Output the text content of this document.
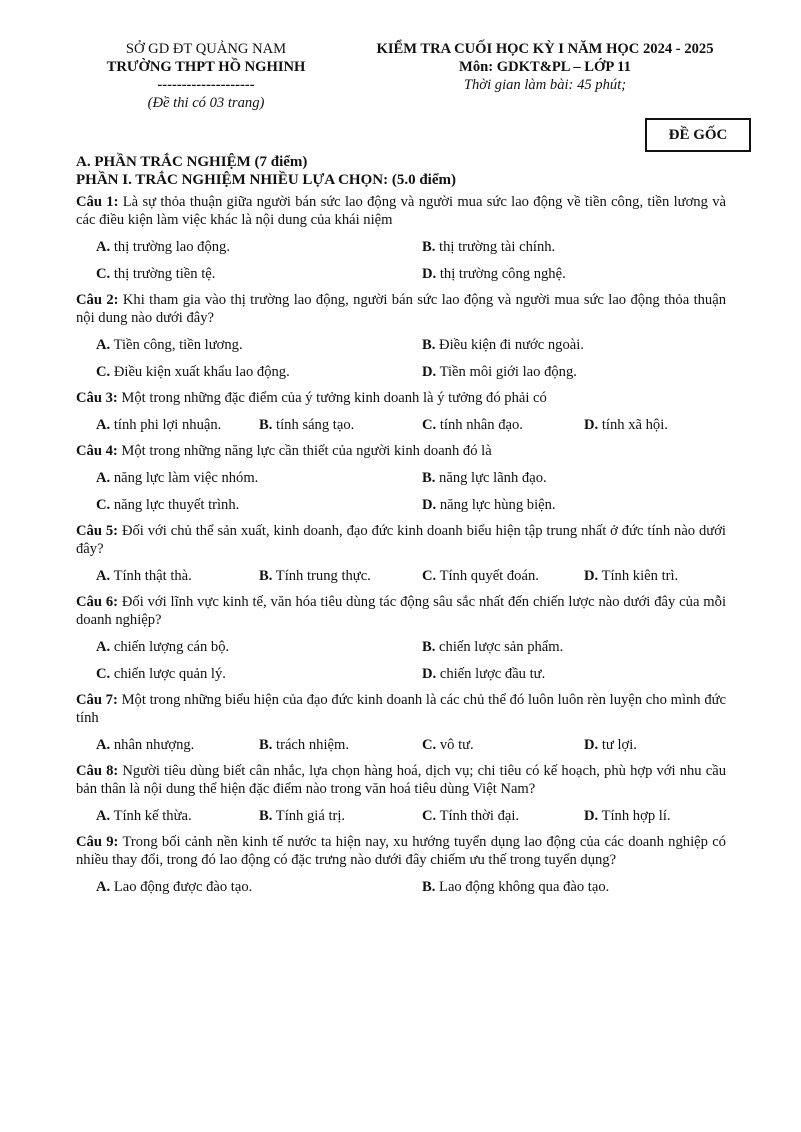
SỞ GD ĐT QUẢNG NAM
TRƯỜNG THPT HỒ NGHINH
--------------------
(Đề thi có 03 trang)
KIỂM TRA CUỐI HỌC KỲ I NĂM HỌC 2024 - 2025
Môn: GDKT&PL – LỚP 11
Thời gian làm bài: 45 phút;
ĐỀ GỐC
A. PHẦN TRẮC NGHIỆM (7 điểm)
PHẦN I. TRẮC NGHIỆM NHIỀU LỰA CHỌN: (5.0 điểm)
Câu 1: Là sự thỏa thuận giữa người bán sức lao động và người mua sức lao động về tiền công, tiền lương và các điều kiện làm việc khác là nội dung của khái niệm
A. thị trường lao động.	B. thị trường tài chính.
C. thị trường tiền tệ.	D. thị trường công nghệ.
Câu 2: Khi tham gia vào thị trường lao động, người bán sức lao động và người mua sức lao động thỏa thuận nội dung nào dưới đây?
A. Tiền công, tiền lương.	B. Điều kiện đi nước ngoài.
C. Điều kiện xuất khẩu lao động.	D. Tiền môi giới lao động.
Câu 3: Một trong những đặc điểm của ý tưởng kinh doanh là ý tưởng đó phải có
A. tính phi lợi nhuận.	B. tính sáng tạo.	C. tính nhân đạo.	D. tính xã hội.
Câu 4: Một trong những năng lực cần thiết của người kinh doanh đó là
A. năng lực làm việc nhóm.	B. năng lực lãnh đạo.
C. năng lực thuyết trình.	D. năng lực hùng biện.
Câu 5: Đối với chủ thể sản xuất, kinh doanh, đạo đức kinh doanh biểu hiện tập trung nhất ở đức tính nào dưới đây?
A. Tính thật thà.	B. Tính trung thực.	C. Tính quyết đoán.	D. Tính kiên trì.
Câu 6: Đối với lĩnh vực kinh tế, văn hóa tiêu dùng tác động sâu sắc nhất đến chiến lược nào dưới đây của mỗi doanh nghiệp?
A. chiến lượng cán bộ.	B. chiến lược sản phẩm.
C. chiến lược quản lý.	D. chiến lược đầu tư.
Câu 7: Một trong những biểu hiện của đạo đức kinh doanh là các chủ thể đó luôn luôn rèn luyện cho mình đức tính
A. nhân nhượng.	B. trách nhiệm.	C. vô tư.	D. tư lợi.
Câu 8: Người tiêu dùng biết cân nhắc, lựa chọn hàng hoá, dịch vụ; chi tiêu có kế hoạch, phù hợp với nhu cầu bản thân là nội dung thể hiện đặc điểm nào trong văn hoá tiêu dùng Việt Nam?
A. Tính kế thừa.	B. Tính giá trị.	C. Tính thời đại.	D. Tính hợp lí.
Câu 9: Trong bối cảnh nền kinh tế nước ta hiện nay, xu hướng tuyển dụng lao động của các doanh nghiệp có nhiều thay đổi, trong đó lao động có đặc trưng nào dưới đây chiếm ưu thế trong tuyển dụng?
A. Lao động được đào tạo.	B. Lao động không qua đào tạo.
